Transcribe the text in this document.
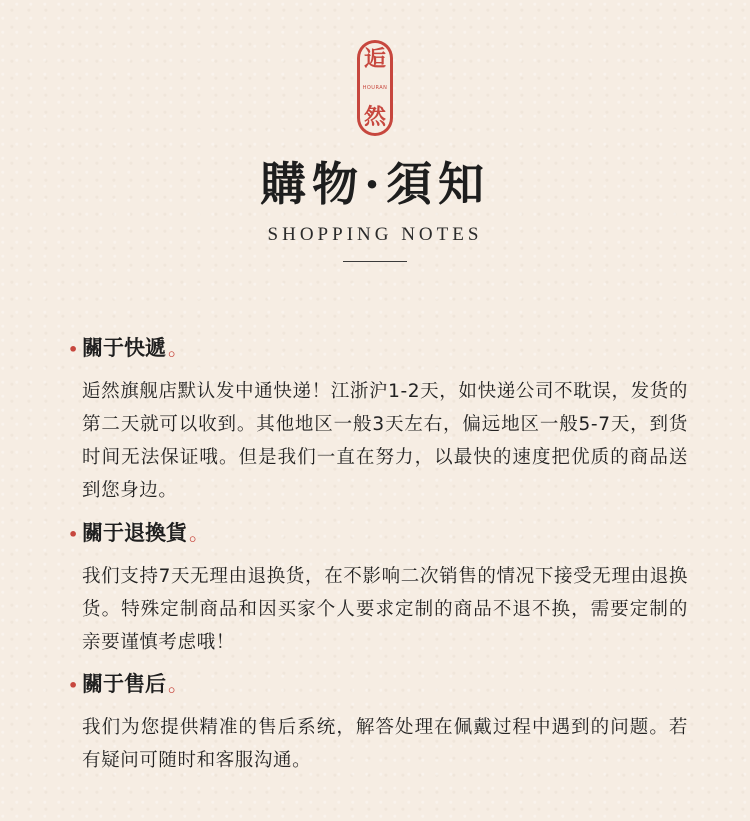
逅
HOURAN
然
購物·須知
SHOPPING NOTES
• 關于快遞 。
逅然旗舰店默认发中通快递！江浙沪1-2天，如快递公司不耽误，发货的第二天就可以收到。其他地区一般3天左右，偏远地区一般5-7天，到货时间无法保证哦。但是我们一直在努力，以最快的速度把优质的商品送到您身边。
• 關于退換貨 。
我们支持7天无理由退换货，在不影响二次销售的情况下接受无理由退换货。特殊定制商品和因买家个人要求定制的商品不退不换，需要定制的亲要谨慎考虑哦！
• 關于售后 。
我们为您提供精准的售后系统，解答处理在佩戴过程中遇到的问题。若有疑问可随时和客服沟通。
